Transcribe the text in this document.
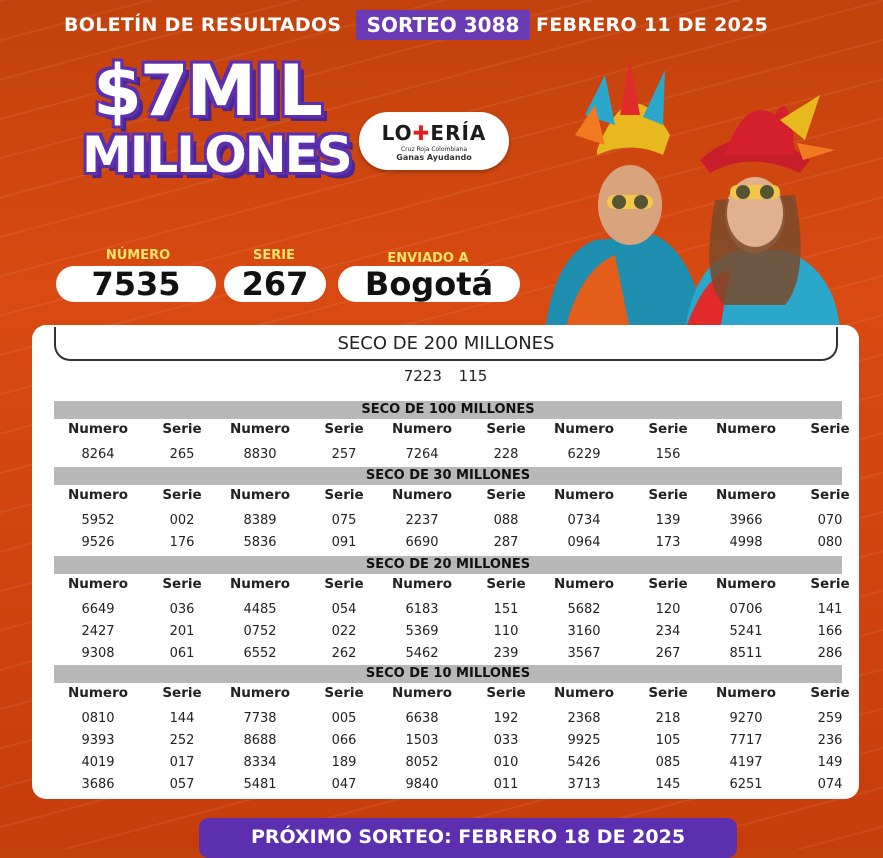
BOLETÍN DE RESULTADOS	SORTEO 3088 FEBRERO 11 DE 2025
$7MIL
MILLONES	LO✚ERÍA
Cruz Roja Colombiana
Ganas Ayudando
NÚMERO
7535
SERIE
267
ENVIADO A
Bogotá
SECO DE 200 MILLONES
7223 115
SECO DE 100 MILLONES
Numero	Serie	Numero	Serie	Numero	Serie	Numero	Serie	Numero	Serie
8264	265	8830	257	7264	228	6229	156
SECO DE 30 MILLONES
Numero	Serie	Numero	Serie	Numero	Serie	Numero	Serie	Numero	Serie
5952	002	8389	075	2237	088	0734	139	3966	070
9526	176	5836	091	6690	287	0964	173	4998	080
SECO DE 20 MILLONES
Numero	Serie	Numero	Serie	Numero	Serie	Numero	Serie	Numero	Serie
6649	036	4485	054	6183	151	5682	120	0706	141
2427	201	0752	022	5369	110	3160	234	5241	166
9308	061	6552	262	5462	239	3567	267	8511	286
SECO DE 10 MILLONES
Numero	Serie	Numero	Serie	Numero	Serie	Numero	Serie	Numero	Serie
0810	144	7738	005	6638	192	2368	218	9270	259
9393	252	8688	066	1503	033	9925	105	7717	236
4019	017	8334	189	8052	010	5426	085	4197	149
3686	057	5481	047	9840	011	3713	145	6251	074
PRÓXIMO SORTEO: FEBRERO 18 DE 2025
